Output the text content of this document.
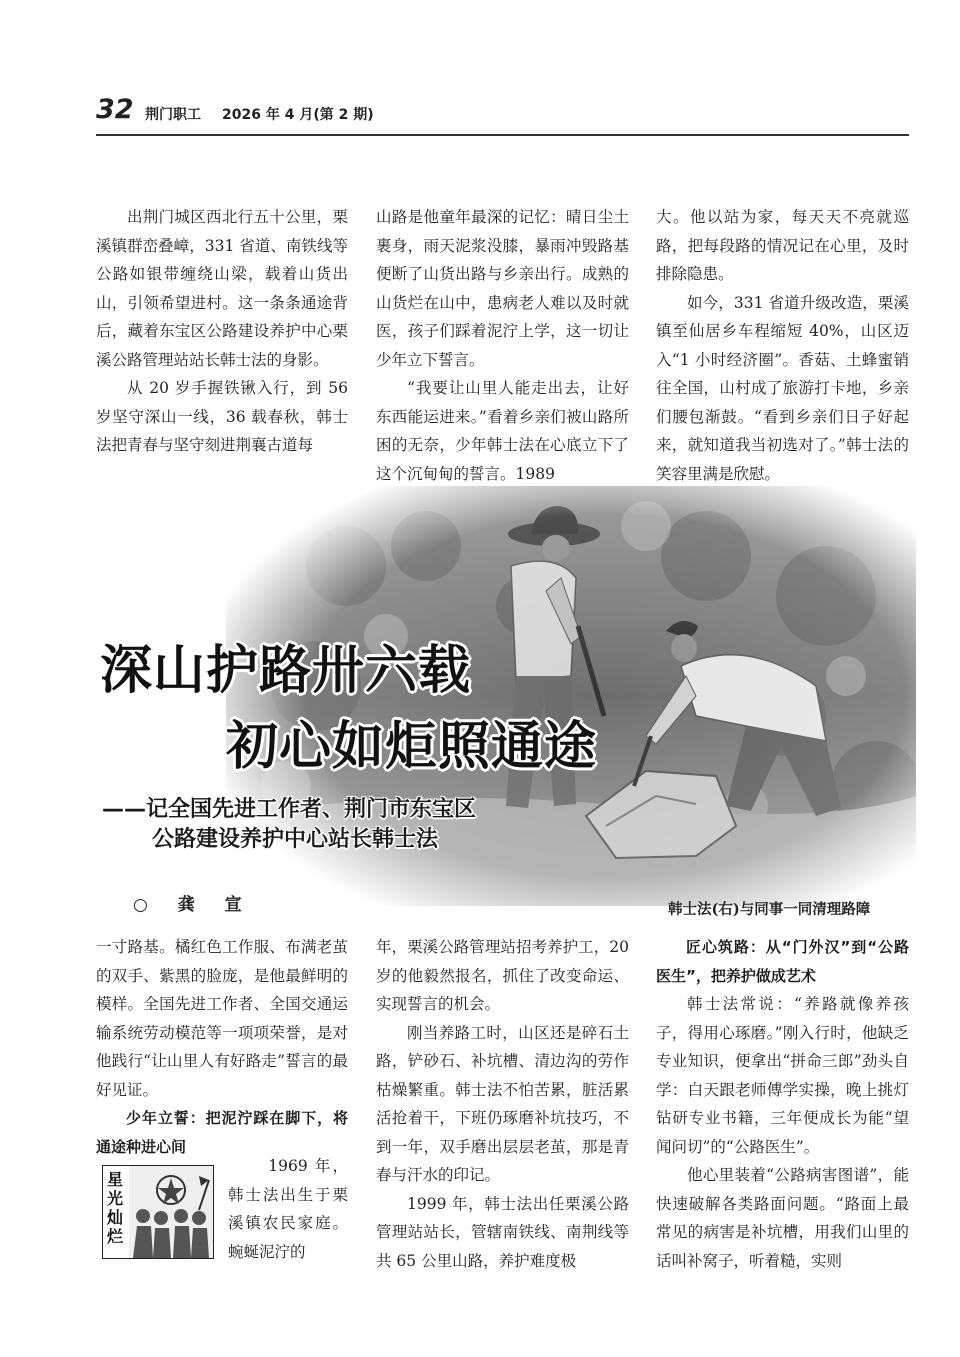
32 荆门职工 2026 年 4 月(第 2 期)

出荆门城区西北行五十公里，栗溪镇群峦叠嶂，331 省道、南铁线等公路如银带缠绕山梁，载着山货出山，引领希望进村。这一条条通途背后，藏着东宝区公路建设养护中心栗溪公路管理站站长韩士法的身影。

从 20 岁手握铁锹入行，到 56 岁坚守深山一线，36 载春秋，韩士法把青春与坚守刻进荆襄古道每

山路是他童年最深的记忆：晴日尘土裹身，雨天泥浆没膝，暴雨冲毁路基便断了山货出路与乡亲出行。成熟的山货烂在山中，患病老人难以及时就医，孩子们踩着泥泞上学，这一切让少年立下誓言。

“我要让山里人能走出去，让好东西能运进来。”看着乡亲们被山路所困的无奈，少年韩士法在心底立下了这个沉甸甸的誓言。1989

大。他以站为家，每天天不亮就巡路，把每段路的情况记在心里，及时排除隐患。

如今，331 省道升级改造，栗溪镇至仙居乡车程缩短 40%，山区迈入“1 小时经济圈”。香菇、土蜂蜜销往全国，山村成了旅游打卡地，乡亲们腰包渐鼓。“看到乡亲们日子好起来，就知道我当初选对了。”韩士法的笑容里满是欣慰。

深山护路卅六载
初心如炬照通途
——记全国先进工作者、荆门市东宝区
公路建设养护中心站长韩士法
○ 龚 宣	韩士法(右)与同事一同清理路障

一寸路基。橘红色工作服、布满老茧的双手、紫黑的脸庞，是他最鲜明的模样。全国先进工作者、全国交通运输系统劳动模范等一项项荣誉，是对他践行“让山里人有好路走”誓言的最好见证。

少年立誓：把泥泞踩在脚下，将通途种进心间

1969 年，韩士法出生于栗溪镇农民家庭。蜿蜒泥泞的

星光灿烂

年，栗溪公路管理站招考养护工，20 岁的他毅然报名，抓住了改变命运、实现誓言的机会。

刚当养路工时，山区还是碎石土路，铲砂石、补坑槽、清边沟的劳作枯燥繁重。韩士法不怕苦累，脏活累活抢着干，下班仍琢磨补坑技巧，不到一年，双手磨出层层老茧，那是青春与汗水的印记。

1999 年，韩士法出任栗溪公路管理站站长，管辖南铁线、南荆线等共 65 公里山路，养护难度极

匠心筑路：从“门外汉”到“公路医生”，把养护做成艺术

韩士法常说：“养路就像养孩子，得用心琢磨。”刚入行时，他缺乏专业知识，便拿出“拼命三郎”劲头自学：白天跟老师傅学实操，晚上挑灯钻研专业书籍，三年便成长为能“望闻问切”的“公路医生”。

他心里装着“公路病害图谱”，能快速破解各类路面问题。“路面上最常见的病害是补坑槽，用我们山里的话叫补窝子，听着糙，实则
